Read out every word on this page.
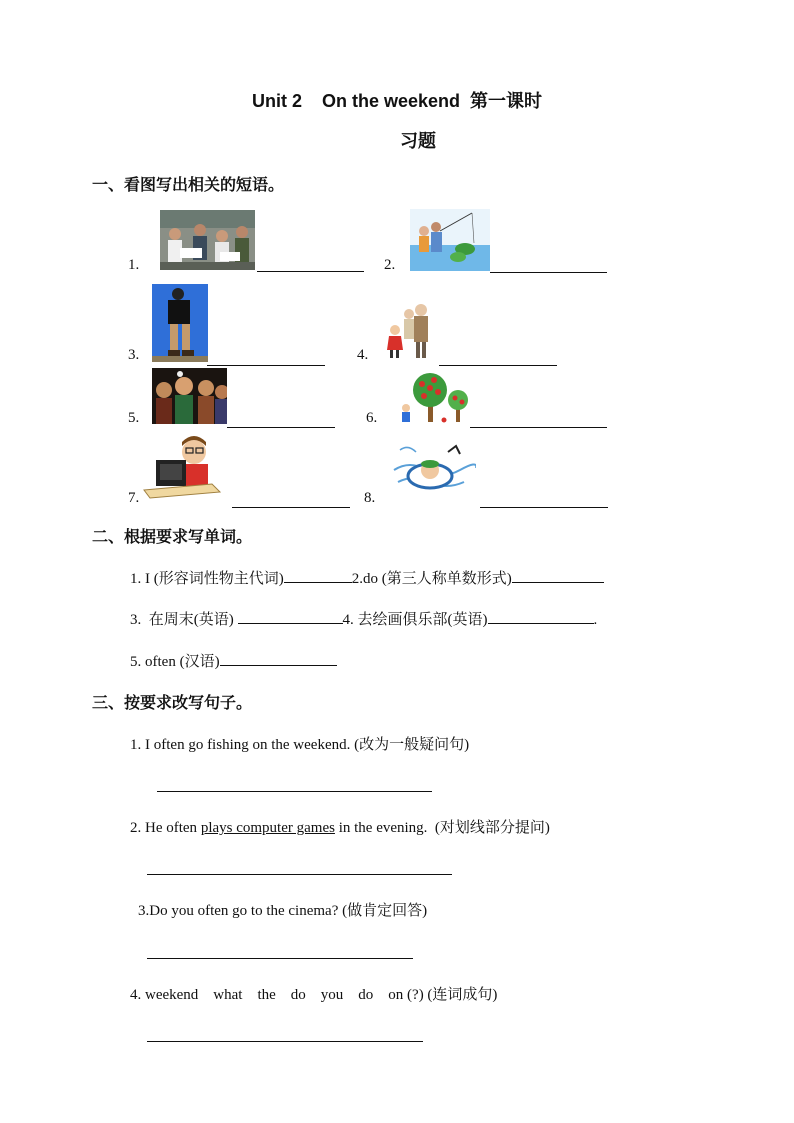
Unit 2    On the weekend  第一课时
习题
一、看图写出相关的短语。
1.	2.
3.	4.
5.	6.
7.	8.
二、根据要求写单词。
1. I (形容词性物主代词)	2.do (第三人称单数形式)
3.  在周末(英语)	4. 去绘画俱乐部(英语)	.
5. often (汉语)
三、按要求改写句子。
1. I often go fishing on the weekend. (改为一般疑问句)
2. He often plays computer games in the evening.  (对划线部分提问)
3.Do you often go to the cinema? (做肯定回答)
4. weekend    what    the    do    you    do    on (?) (连词成句)
